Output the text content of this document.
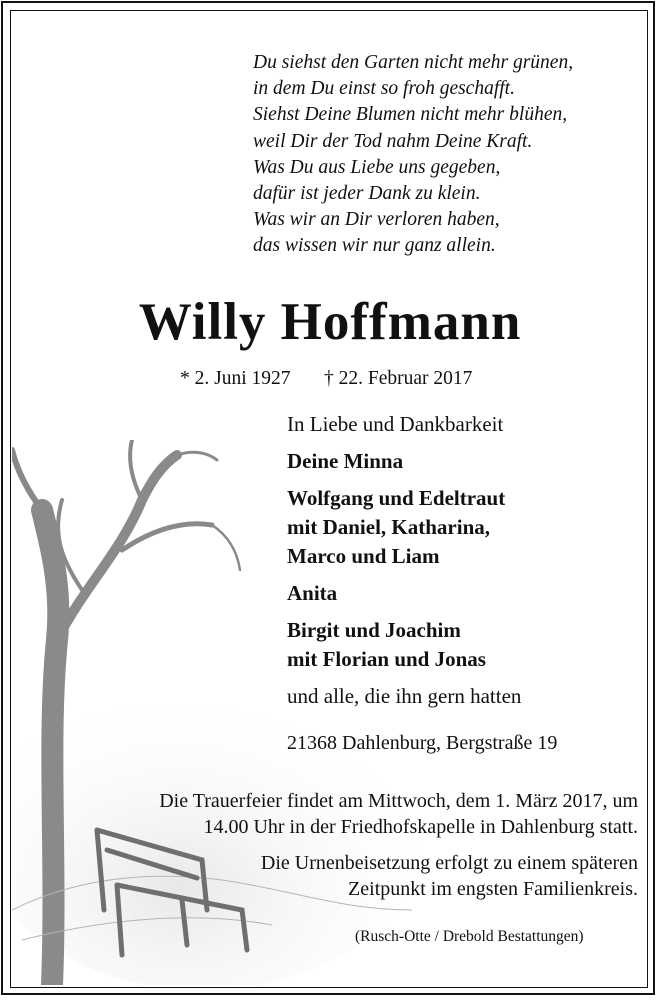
Du siehst den Garten nicht mehr grünen,
in dem Du einst so froh geschafft.
Siehst Deine Blumen nicht mehr blühen,
weil Dir der Tod nahm Deine Kraft.
Was Du aus Liebe uns gegeben,
dafür ist jeder Dank zu klein.
Was wir an Dir verloren haben,
das wissen wir nur ganz allein.
Willy Hoffmann
* 2. Juni 1927 † 22. Februar 2017
In Liebe und Dankbarkeit
Deine Minna
Wolfgang und Edeltraut
mit Daniel, Katharina,
Marco und Liam
Anita
Birgit und Joachim
mit Florian und Jonas
und alle, die ihn gern hatten
21368 Dahlenburg, Bergstraße 19
Die Trauerfeier findet am Mittwoch, dem 1. März 2017, um
14.00 Uhr in der Friedhofskapelle in Dahlenburg statt.
Die Urnenbeisetzung erfolgt zu einem späteren
Zeitpunkt im engsten Familienkreis.
(Rusch-Otte / Drebold Bestattungen)
